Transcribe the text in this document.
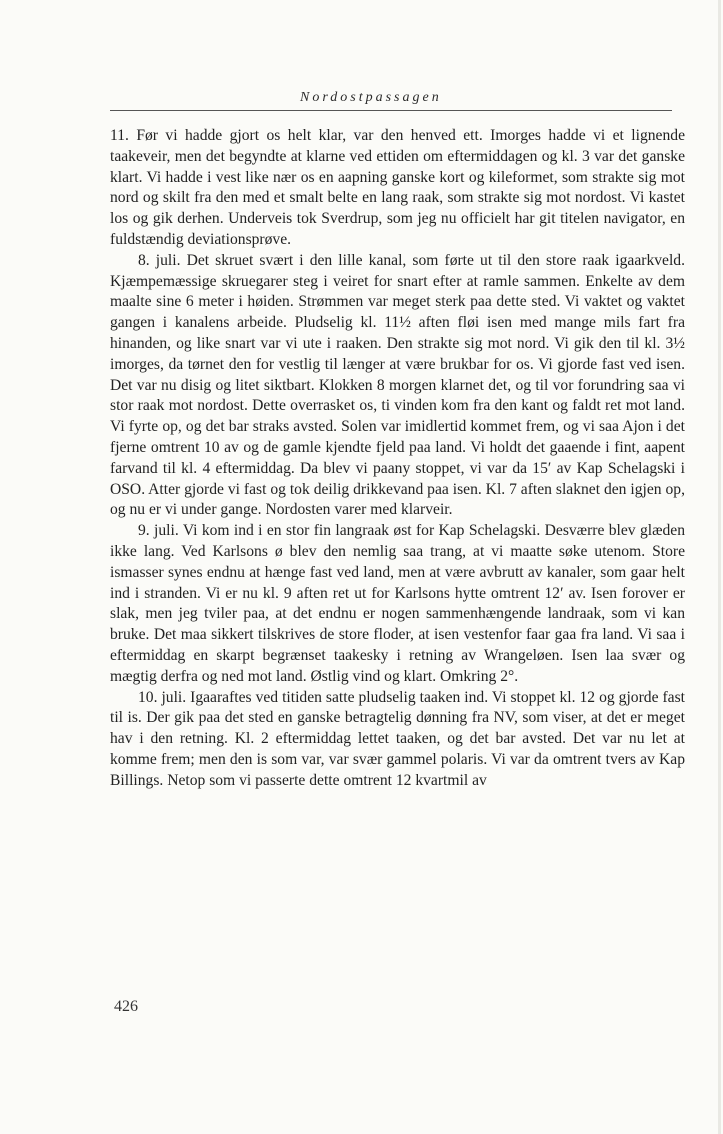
Nordostpassagen

11. Før vi hadde gjort os helt klar, var den henved ett. Imorges hadde vi et lignende taakeveir, men det begyndte at klarne ved ettiden om eftermiddagen og kl. 3 var det ganske klart. Vi hadde i vest like nær os en aapning ganske kort og kileformet, som strakte sig mot nord og skilt fra den med et smalt belte en lang raak, som strakte sig mot nordost. Vi kastet los og gik derhen. Underveis tok Sverdrup, som jeg nu officielt har git titelen navigator, en fuldstændig deviationsprøve.

8. juli. Det skruet svært i den lille kanal, som førte ut til den store raak igaarkveld. Kjæmpemæssige skruegarer steg i veiret for snart efter at ramle sammen. Enkelte av dem maalte sine 6 meter i høiden. Strømmen var meget sterk paa dette sted. Vi vaktet og vaktet gangen i kanalens arbeide. Pludselig kl. 11½ aften fløi isen med mange mils fart fra hinanden, og like snart var vi ute i raaken. Den strakte sig mot nord. Vi gik den til kl. 3½ imorges, da tørnet den for vestlig til længer at være brukbar for os. Vi gjorde fast ved isen. Det var nu disig og litet siktbart. Klokken 8 morgen klarnet det, og til vor forundring saa vi stor raak mot nordost. Dette overrasket os, ti vinden kom fra den kant og faldt ret mot land. Vi fyrte op, og det bar straks avsted. Solen var imidlertid kommet frem, og vi saa Ajon i det fjerne omtrent 10 av og de gamle kjendte fjeld paa land. Vi holdt det gaaende i fint, aapent farvand til kl. 4 eftermiddag. Da blev vi paany stoppet, vi var da 15′ av Kap Schelagski i OSO. Atter gjorde vi fast og tok deilig drikkevand paa isen. Kl. 7 aften slaknet den igjen op, og nu er vi under gange. Nordosten varer med klarveir.

9. juli. Vi kom ind i en stor fin langraak øst for Kap Schelagski. Desværre blev glæden ikke lang. Ved Karlsons ø blev den nemlig saa trang, at vi maatte søke utenom. Store ismasser synes endnu at hænge fast ved land, men at være avbrutt av kanaler, som gaar helt ind i stranden. Vi er nu kl. 9 aften ret ut for Karlsons hytte omtrent 12′ av. Isen forover er slak, men jeg tviler paa, at det endnu er nogen sammenhængende landraak, som vi kan bruke. Det maa sikkert tilskrives de store floder, at isen vestenfor faar gaa fra land. Vi saa i eftermiddag en skarpt begrænset taakesky i retning av Wrangeløen. Isen laa svær og mægtig derfra og ned mot land. Østlig vind og klart. Omkring 2°.

10. juli. Igaaraftes ved titiden satte pludselig taaken ind. Vi stoppet kl. 12 og gjorde fast til is. Der gik paa det sted en ganske betragtelig dønning fra NV, som viser, at det er meget hav i den retning. Kl. 2 eftermiddag lettet taaken, og det bar avsted. Det var nu let at komme frem; men den is som var, var svær gammel polaris. Vi var da omtrent tvers av Kap Billings. Netop som vi passerte dette omtrent 12 kvartmil av

426
